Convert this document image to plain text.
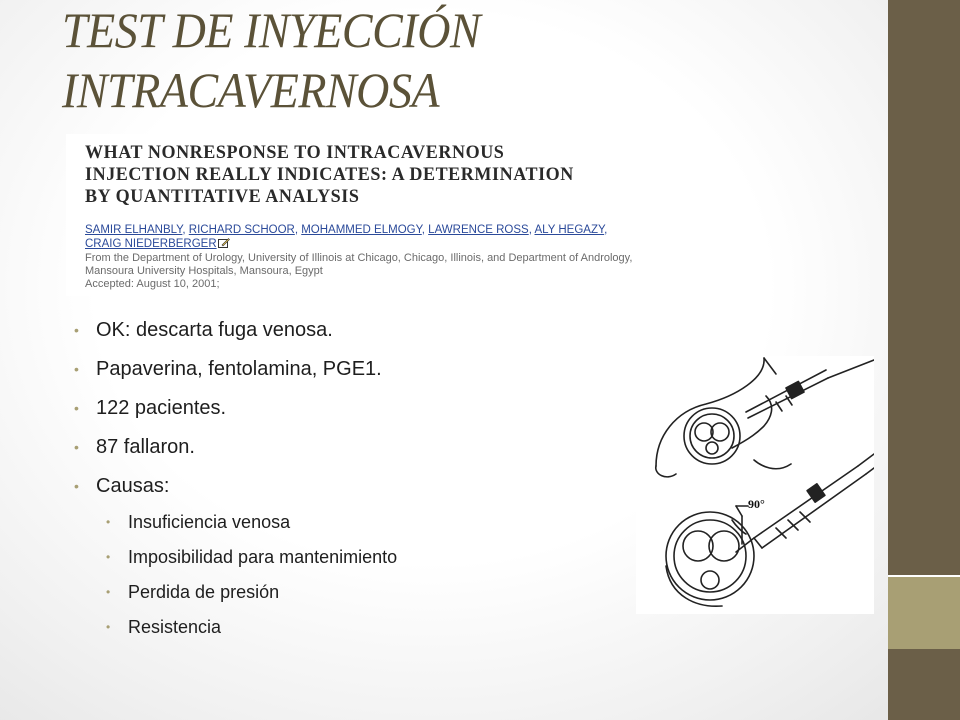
TEST DE INYECCIÓN
INTRACAVERNOSA
WHAT NONRESPONSE TO INTRACAVERNOUS
INJECTION REALLY INDICATES: A DETERMINATION
BY QUANTITATIVE ANALYSIS
SAMIR ELHANBLY, RICHARD SCHOOR, MOHAMMED ELMOGY, LAWRENCE ROSS, ALY HEGAZY,
CRAIG NIEDERBERGER
From the Department of Urology, University of Illinois at Chicago, Chicago, Illinois, and Department of Andrology,
Mansoura University Hospitals, Mansoura, Egypt
Accepted: August 10, 2001;
• OK: descarta fuga venosa.
• Papaverina, fentolamina, PGE1.
• 122 pacientes.
• 87 fallaron.
• Causas:
• Insuficiencia venosa
• Imposibilidad para mantenimiento
• Perdida de presión
• Resistencia
90°
